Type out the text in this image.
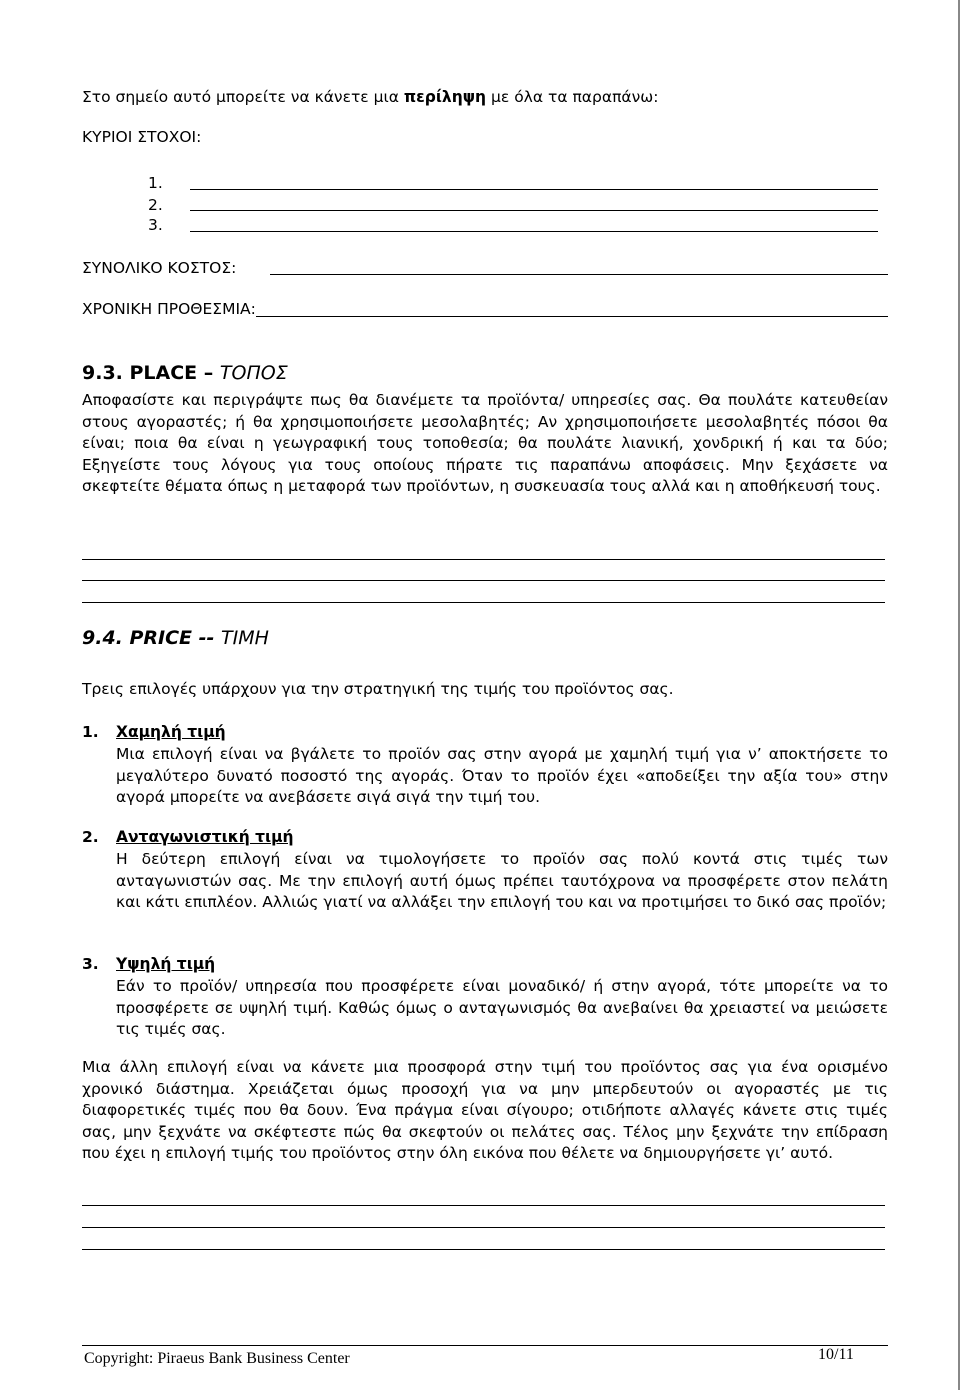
Στο σημείο αυτό μπορείτε να κάνετε μια περίληψη με όλα τα παραπάνω:
ΚΥΡΙΟΙ ΣΤΟΧΟΙ:
1.
2.
3.
ΣΥΝΟΛΙΚΟ ΚΟΣΤΟΣ:
ΧΡΟΝΙΚΗ ΠΡΟΘΕΣΜΙΑ:
9.3. PLACE – ΤΟΠΟΣ
Αποφασίστε και περιγράψτε πως θα διανέμετε τα προϊόντα/ υπηρεσίες σας. Θα πουλάτε κατευθείαν στους αγοραστές; ή θα χρησιμοποιήσετε μεσολαβητές; Αν χρησιμοποιήσετε μεσολαβητές πόσοι θα είναι; ποια θα είναι η γεωγραφική τους τοποθεσία; θα πουλάτε λιανική, χονδρική ή και τα δύο; Εξηγείστε τους λόγους για τους οποίους πήρατε τις παραπάνω αποφάσεις. Μην ξεχάσετε να σκεφτείτε θέματα όπως η μεταφορά των προϊόντων, η συσκευασία τους αλλά και η αποθήκευσή τους.
9.4. PRICE -- ΤΙΜΗ
Τρεις επιλογές υπάρχουν για την στρατηγική της τιμής του προϊόντος σας.
1. Χαμηλή τιμή
Μια επιλογή είναι να βγάλετε το προϊόν σας στην αγορά με χαμηλή τιμή για ν’ αποκτήσετε το μεγαλύτερο δυνατό ποσοστό της αγοράς. Όταν το προϊόν έχει «αποδείξει την αξία του» στην αγορά μπορείτε να ανεβάσετε σιγά σιγά την τιμή του.
2. Ανταγωνιστική τιμή
Η δεύτερη επιλογή είναι να τιμολογήσετε το προϊόν σας πολύ κοντά στις τιμές των ανταγωνιστών σας. Με την επιλογή αυτή όμως πρέπει ταυτόχρονα να προσφέρετε στον πελάτη και κάτι επιπλέον. Αλλιώς γιατί να αλλάξει την επιλογή του και να προτιμήσει το δικό σας προϊόν;
3. Υψηλή τιμή
Εάν το προϊόν/ υπηρεσία που προσφέρετε είναι μοναδικό/ ή στην αγορά, τότε μπορείτε να το προσφέρετε σε υψηλή τιμή. Καθώς όμως ο ανταγωνισμός θα ανεβαίνει θα χρειαστεί να μειώσετε τις τιμές σας.
Μια άλλη επιλογή είναι να κάνετε μια προσφορά στην τιμή του προϊόντος σας για ένα ορισμένο χρονικό διάστημα. Χρειάζεται όμως προσοχή για να μην μπερδευτούν οι αγοραστές με τις διαφορετικές τιμές που θα δουν. Ένα πράγμα είναι σίγουρο; οτιδήποτε αλλαγές κάνετε στις τιμές σας, μην ξεχνάτε να σκέφτεστε πώς θα σκεφτούν οι πελάτες σας. Τέλος μην ξεχνάτε την επίδραση που έχει η επιλογή τιμής του προϊόντος στην όλη εικόνα που θέλετε να δημιουργήσετε γι’ αυτό.
Copyright: Piraeus Bank Business Center	10/11
